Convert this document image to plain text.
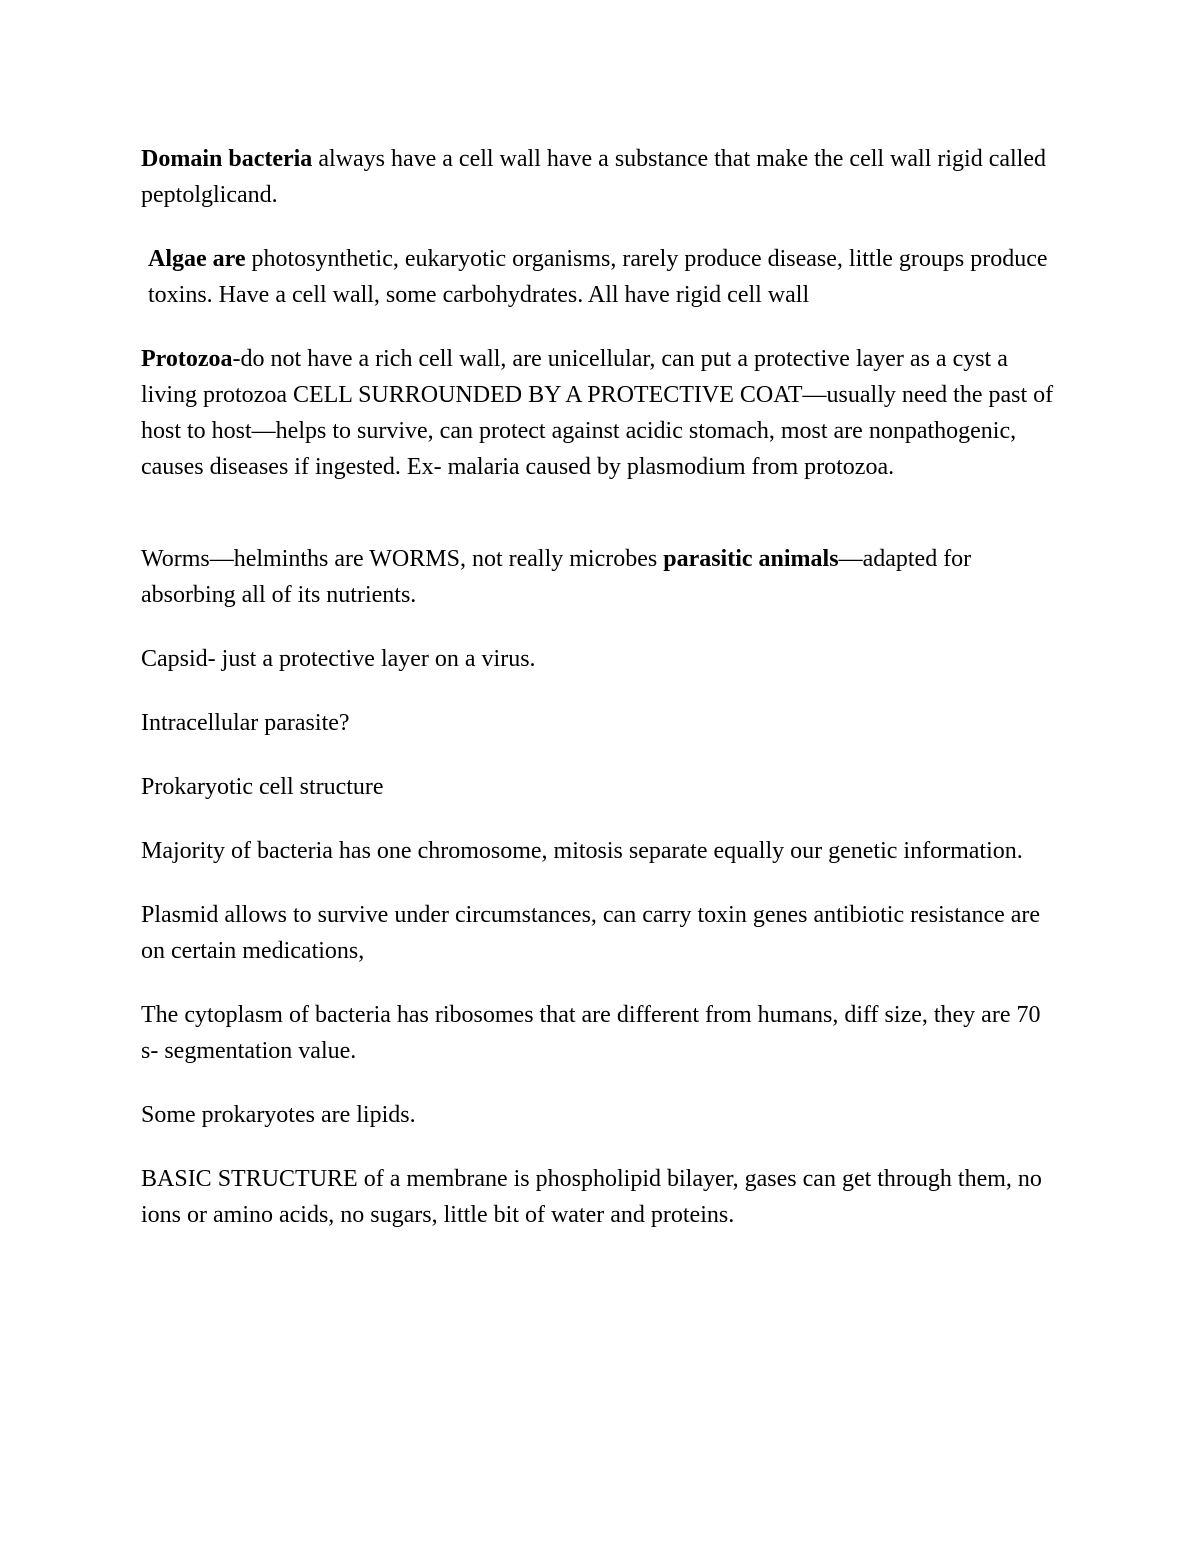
Domain bacteria always have a cell wall have a substance that make the cell wall rigid called peptolglicand.

Algae are photosynthetic, eukaryotic organisms, rarely produce disease, little groups produce toxins. Have a cell wall, some carbohydrates. All have rigid cell wall

Protozoa-do not have a rich cell wall, are unicellular, can put a protective layer as a cyst a living protozoa CELL SURROUNDED BY A PROTECTIVE COAT—usually need the past of host to host—helps to survive, can protect against acidic stomach, most are nonpathogenic, causes diseases if ingested. Ex- malaria caused by plasmodium from protozoa.

Worms—helminths are WORMS, not really microbes parasitic animals—adapted for absorbing all of its nutrients.

Capsid- just a protective layer on a virus.

Intracellular parasite?

Prokaryotic cell structure

Majority of bacteria has one chromosome, mitosis separate equally our genetic information.

Plasmid allows to survive under circumstances, can carry toxin genes antibiotic resistance are on certain medications,

The cytoplasm of bacteria has ribosomes that are different from humans, diff size, they are 70 s- segmentation value.

Some prokaryotes are lipids.

BASIC STRUCTURE of a membrane is phospholipid bilayer, gases can get through them, no ions or amino acids, no sugars, little bit of water and proteins.
